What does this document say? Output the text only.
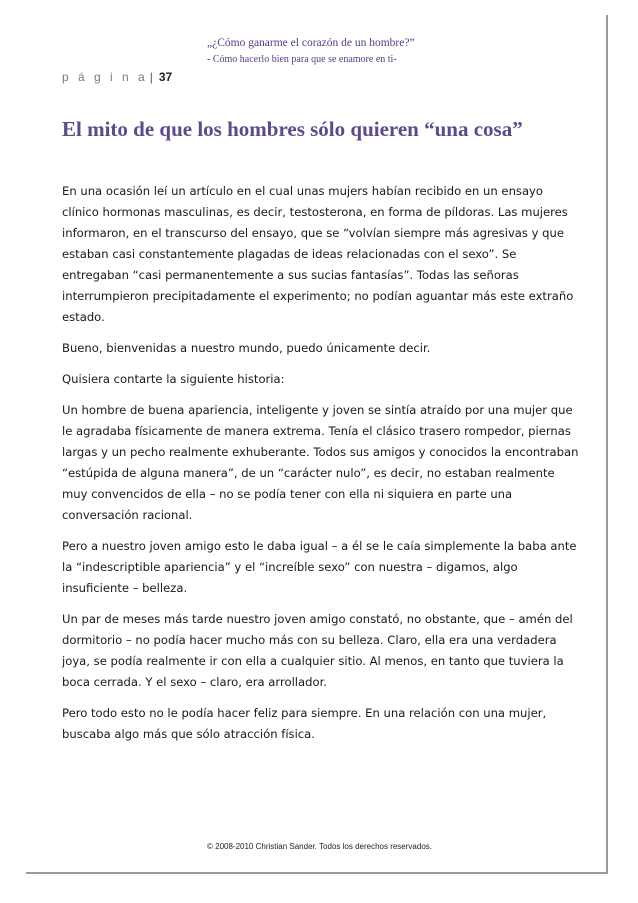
„¿Cómo ganarme el corazón de un hombre?”
- Cómo hacerlo bien para que se enamore en ti-
p á g i n a | 37
El mito de que los hombres sólo quieren “una cosa”

En una ocasión leí un artículo en el cual unas mujers habían recibido en un ensayo clínico hormonas masculinas, es decir, testosterona, en forma de píldoras. Las mujeres informaron, en el transcurso del ensayo, que se “volvían siempre más agresivas y que estaban casi constantemente plagadas de ideas relacionadas con el sexo”. Se entregaban “casi permanentemente a sus sucias fantasías”. Todas las señoras interrumpieron precipitadamente el experimento; no podían aguantar más este extraño estado.

Bueno, bienvenidas a nuestro mundo, puedo únicamente decir.

Quisiera contarte la siguiente historia:

Un hombre de buena apariencia, inteligente y joven se sintía atraído por una mujer que le agradaba físicamente de manera extrema. Tenía el clásico trasero rompedor, piernas largas y un pecho realmente exhuberante. Todos sus amigos y conocidos la encontraban “estúpida de alguna manera”, de un “carácter nulo”, es decir, no estaban realmente muy convencidos de ella – no se podía tener con ella ni siquiera en parte una conversación racional.

Pero a nuestro joven amigo esto le daba igual – a él se le caía simplemente la baba ante la “indescriptible apariencia” y el “increíble sexo” con nuestra – digamos, algo insuficiente – belleza.

Un par de meses más tarde nuestro joven amigo constató, no obstante, que – amén del dormitorio – no podía hacer mucho más con su belleza. Claro, ella era una verdadera joya, se podía realmente ir con ella a cualquier sitio. Al menos, en tanto que tuviera la boca cerrada. Y el sexo – claro, era arrollador.

Pero todo esto no le podía hacer feliz para siempre. En una relación con una mujer, buscaba algo más que sólo atracción física.

© 2008-2010 Christian Sander. Todos los derechos reservados.
